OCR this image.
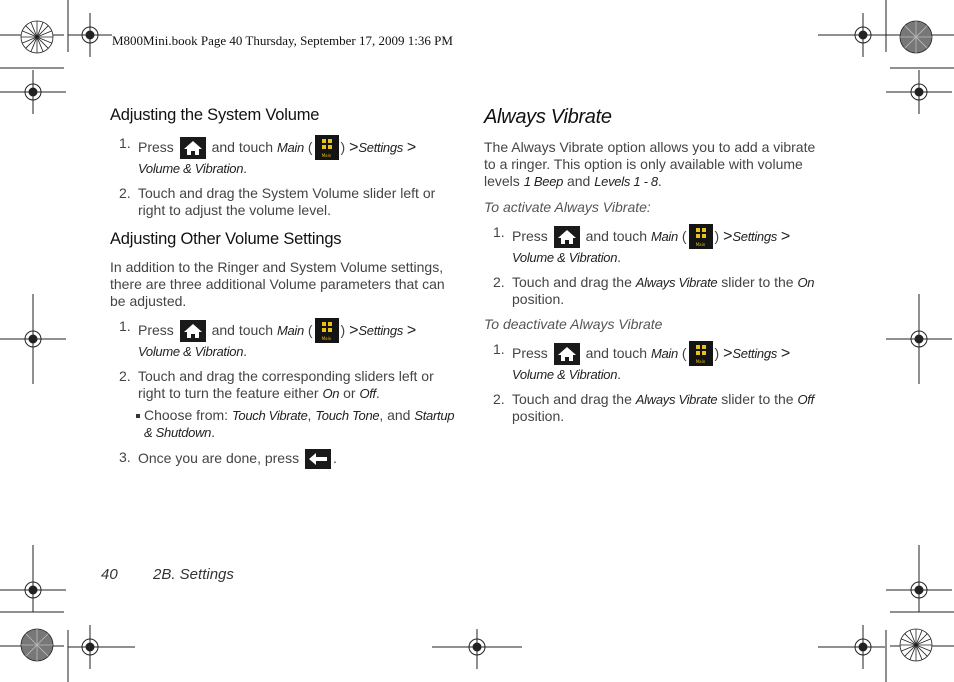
M800Mini.book Page 40 Thursday, September 17, 2009 1:36 PM
Adjusting the System Volume
1. Press	and touch Main (
Main
) >Settings >
Volume & Vibration.
2. Touch and drag the System Volume slider left or right to adjust the volume level.
Adjusting Other Volume Settings

In addition to the Ringer and System Volume settings, there are three additional Volume parameters that can be adjusted.

1. Press	and touch Main (
Main
) >Settings >
Volume & Vibration.
2. Touch and drag the corresponding sliders left or right to turn the feature either On or Off.
Choose from: Touch Vibrate, Touch Tone, and Startup & Shutdown.
3. Once you are done, press .
Always Vibrate

The Always Vibrate option allows you to add a vibrate to a ringer. This option is only available with volume levels 1 Beep and Levels 1 - 8.

To activate Always Vibrate:
1. Press	and touch Main (
Main
) >Settings >
Volume & Vibration.
2. Touch and drag the Always Vibrate slider to the On
position.
To deactivate Always Vibrate
1. Press	and touch Main (
Main
) >Settings >
Volume & Vibration.
2. Touch and drag the Always Vibrate slider to the Off
position.
40 2B. Settings
